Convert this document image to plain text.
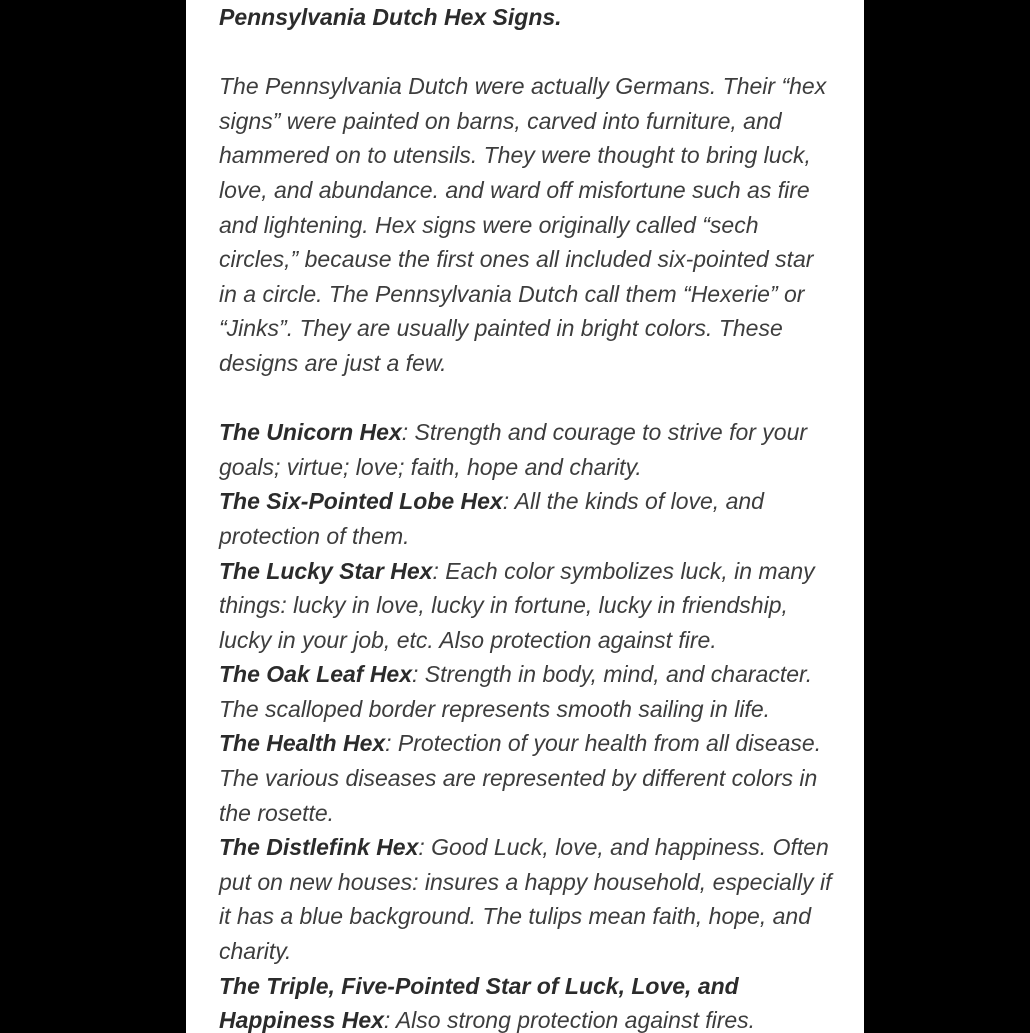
Pennsylvania Dutch Hex Signs.

The Pennsylvania Dutch were actually Germans. Their “hex signs” were painted on barns, carved into furniture, and hammered on to utensils. They were thought to bring luck, love, and abundance. and ward off misfortune such as fire and lightening. Hex signs were originally called “sech circles,” because the first ones all included six-pointed star in a circle. The Pennsylvania Dutch call them “Hexerie” or “Jinks”. They are usually painted in bright colors. These designs are just a few.

The Unicorn Hex: Strength and courage to strive for your goals; virtue; love; faith, hope and charity.

The Six-Pointed Lobe Hex: All the kinds of love, and protection of them.

The Lucky Star Hex: Each color symbolizes luck, in many things: lucky in love, lucky in fortune, lucky in friendship, lucky in your job, etc. Also protection against fire.

The Oak Leaf Hex: Strength in body, mind, and character. The scalloped border represents smooth sailing in life.

The Health Hex: Protection of your health from all disease. The various diseases are represented by different colors in the rosette.

The Distlefink Hex: Good Luck, love, and happiness. Often put on new houses: insures a happy household, especially if it has a blue background. The tulips mean faith, hope, and charity.

The Triple, Five-Pointed Star of Luck, Love, and Happiness Hex: Also strong protection against fires.
